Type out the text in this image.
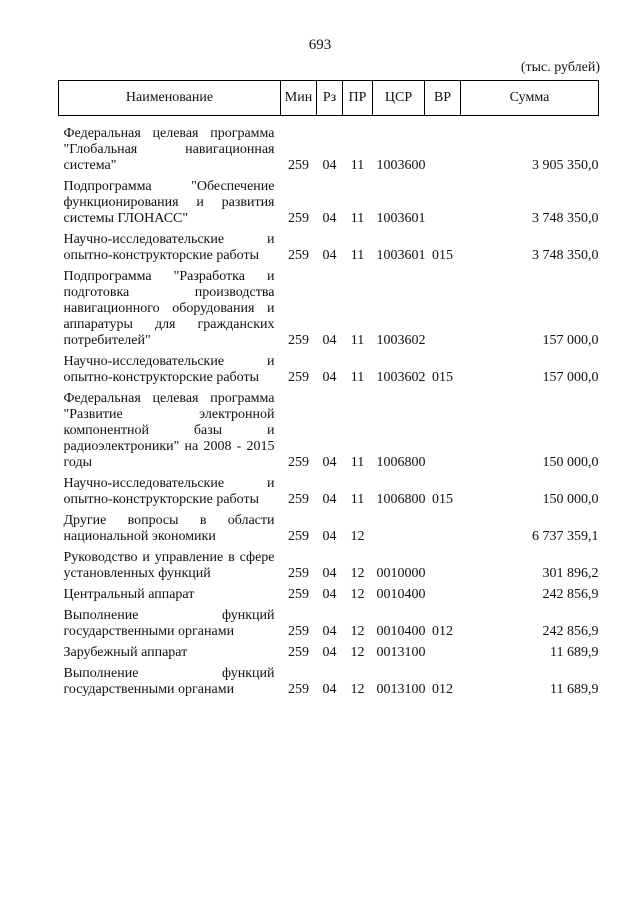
693
(тыс. рублей)
Наименование	Мин	Рз	ПР	ЦСР	ВР	Сумма
Федеральная целевая программа "Глобальная навигационная система"	259	04	11	1003600		3 905 350,0
Подпрограмма "Обеспечение функционирования и развития системы ГЛОНАСС"	259	04	11	1003601		3 748 350,0
Научно-исследовательские и опытно-конструкторские работы	259	04	11	1003601	015	3 748 350,0
Подпрограмма "Разработка и подготовка производства навигационного оборудования и аппаратуры для гражданских потребителей"	259	04	11	1003602		157 000,0
Научно-исследовательские и опытно-конструкторские работы	259	04	11	1003602	015	157 000,0
Федеральная целевая программа "Развитие электронной компонентной базы и радиоэлектроники" на 2008 - 2015 годы	259	04	11	1006800		150 000,0
Научно-исследовательские и опытно-конструкторские работы	259	04	11	1006800	015	150 000,0
Другие вопросы в области национальной экономики	259	04	12			6 737 359,1
Руководство и управление в сфере установленных функций	259	04	12	0010000		301 896,2
Центральный аппарат	259	04	12	0010400		242 856,9
Выполнение функций государственными органами	259	04	12	0010400	012	242 856,9
Зарубежный аппарат	259	04	12	0013100		11 689,9
Выполнение функций государственными органами	259	04	12	0013100	012	11 689,9
